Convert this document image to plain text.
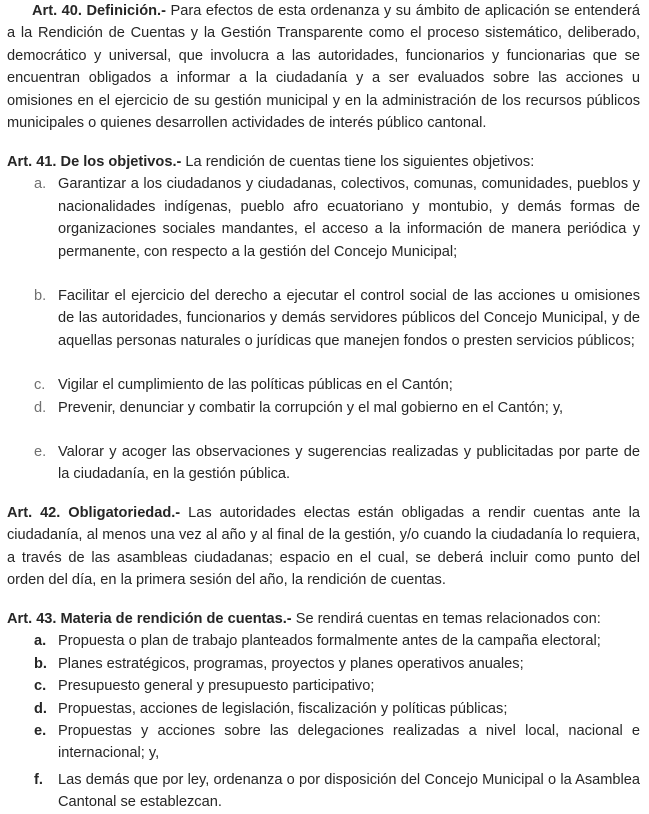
Art. 40. Definición.- Para efectos de esta ordenanza y su ámbito de aplicación se entenderá a la Rendición de Cuentas y la Gestión Transparente como el proceso sistemático, deliberado, democrático y universal, que involucra a las autoridades, funcionarios y funcionarias que se encuentran obligados a informar a la ciudadanía y a ser evaluados sobre las acciones u omisiones en el ejercicio de su gestión municipal y en la administración de los recursos públicos municipales o quienes desarrollen actividades de interés público cantonal.

Art. 41. De los objetivos.- La rendición de cuentas tiene los siguientes objetivos:

a. Garantizar a los ciudadanos y ciudadanas, colectivos, comunas, comunidades, pueblos y nacionalidades indígenas, pueblo afro ecuatoriano y montubio, y demás formas de organizaciones sociales mandantes, el acceso a la información de manera periódica y permanente, con respecto a la gestión del Concejo Municipal;
b. Facilitar el ejercicio del derecho a ejecutar el control social de las acciones u omisiones de las autoridades, funcionarios y demás servidores públicos del Concejo Municipal, y de aquellas personas naturales o jurídicas que manejen fondos o presten servicios públicos;
c. Vigilar el cumplimiento de las políticas públicas en el Cantón;
d. Prevenir, denunciar y combatir la corrupción y el mal gobierno en el Cantón; y,
e. Valorar y acoger las observaciones y sugerencias realizadas y publicitadas por parte de la ciudadanía, en la gestión pública.

Art. 42. Obligatoriedad.- Las autoridades electas están obligadas a rendir cuentas ante la ciudadanía, al menos una vez al año y al final de la gestión, y/o cuando la ciudadanía lo requiera, a través de las asambleas ciudadanas; espacio en el cual, se deberá incluir como punto del orden del día, en la primera sesión del año, la rendición de cuentas.

Art. 43. Materia de rendición de cuentas.- Se rendirá cuentas en temas relacionados con:

a. Propuesta o plan de trabajo planteados formalmente antes de la campaña electoral;
b. Planes estratégicos, programas, proyectos y planes operativos anuales;
c. Presupuesto general y presupuesto participativo;
d. Propuestas, acciones de legislación, fiscalización y políticas públicas;
e. Propuestas y acciones sobre las delegaciones realizadas a nivel local, nacional e internacional; y,
f. Las demás que por ley, ordenanza o por disposición del Concejo Municipal o la Asamblea Cantonal se establezcan.
